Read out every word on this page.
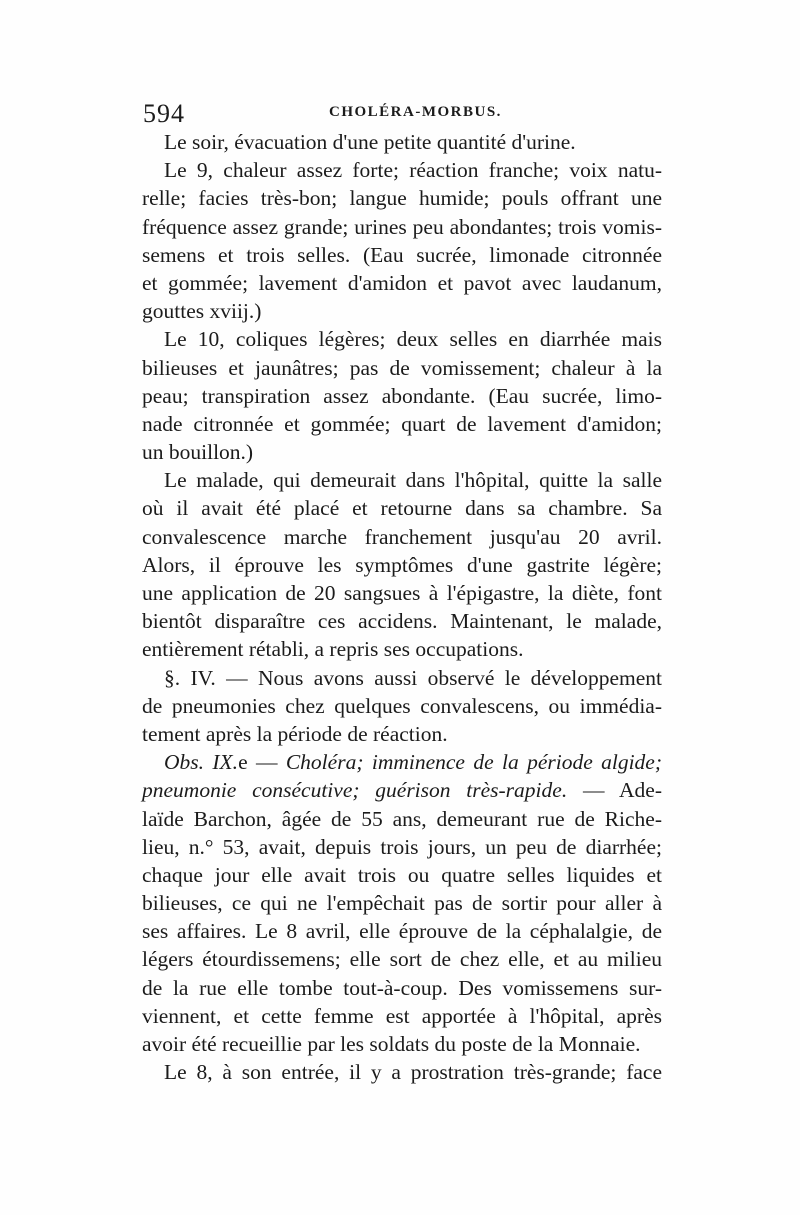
594	CHOLÉRA-MORBUS.
Le soir, évacuation d'une petite quantité d'urine.
Le 9, chaleur assez forte; réaction franche; voix natu-
relle; facies très-bon; langue humide; pouls offrant une
fréquence assez grande; urines peu abondantes; trois vomis-
semens et trois selles. (Eau sucrée, limonade citronnée
et gommée; lavement d'amidon et pavot avec laudanum,
gouttes xviij.)
Le 10, coliques légères; deux selles en diarrhée mais
bilieuses et jaunâtres; pas de vomissement; chaleur à la
peau; transpiration assez abondante. (Eau sucrée, limo-
nade citronnée et gommée; quart de lavement d'amidon;
un bouillon.)
Le malade, qui demeurait dans l'hôpital, quitte la salle
où il avait été placé et retourne dans sa chambre. Sa
convalescence marche franchement jusqu'au 20 avril.
Alors, il éprouve les symptômes d'une gastrite légère;
une application de 20 sangsues à l'épigastre, la diète, font
bientôt disparaître ces accidens. Maintenant, le malade,
entièrement rétabli, a repris ses occupations.
§. IV. — Nous avons aussi observé le développement
de pneumonies chez quelques convalescens, ou immédia-
tement après la période de réaction.
Obs. IX.e — Choléra; imminence de la période algide;
pneumonie consécutive; guérison très-rapide. — Ade-
laïde Barchon, âgée de 55 ans, demeurant rue de Riche-
lieu, n.° 53, avait, depuis trois jours, un peu de diarrhée;
chaque jour elle avait trois ou quatre selles liquides et
bilieuses, ce qui ne l'empêchait pas de sortir pour aller à
ses affaires. Le 8 avril, elle éprouve de la céphalalgie, de
légers étourdissemens; elle sort de chez elle, et au milieu
de la rue elle tombe tout-à-coup. Des vomissemens sur-
viennent, et cette femme est apportée à l'hôpital, après
avoir été recueillie par les soldats du poste de la Monnaie.
Le 8, à son entrée, il y a prostration très-grande; face
